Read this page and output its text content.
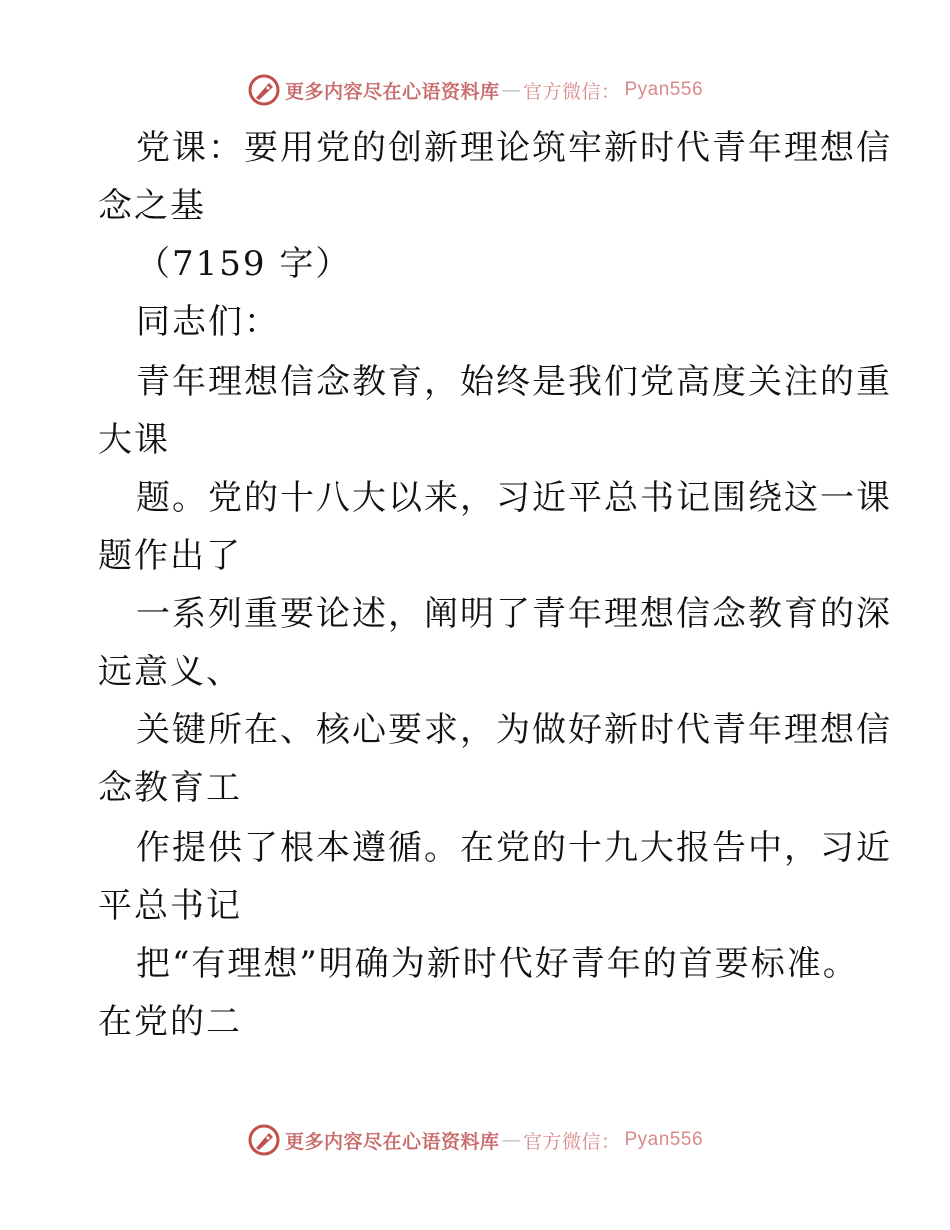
更多内容尽在心语资料库 — 官方微信： Pyan556
党课：要用党的创新理论筑牢新时代青年理想信
念之基
（7159 字）
同志们：
青年理想信念教育，始终是我们党高度关注的重
大课
题。党的十八大以来，习近平总书记围绕这一课
题作出了
一系列重要论述，阐明了青年理想信念教育的深
远意义、
关键所在、核心要求，为做好新时代青年理想信
念教育工
作提供了根本遵循。在党的十九大报告中，习近
平总书记
把“有理想”明确为新时代好青年的首要标准。
在党的二
更多内容尽在心语资料库 — 官方微信： Pyan556
